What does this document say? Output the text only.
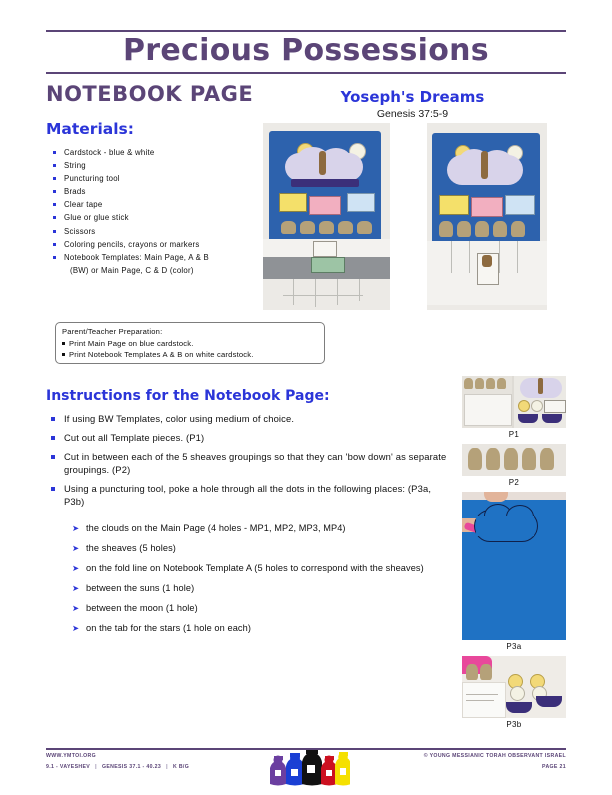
Precious Possessions
NOTEBOOK PAGE	Yoseph's Dreams
Genesis 37:5-9
Materials:
Cardstock - blue & white
String
Puncturing tool
Brads
Clear tape
Glue or glue stick
Scissors
Coloring pencils, crayons or markers
Notebook Templates: Main Page, A & B
(BW) or Main Page, C & D (color)
Parent/Teacher Preparation:
Print Main Page on blue cardstock.
Print Notebook Templates A & B on white cardstock.
Instructions for the Notebook Page:
If using BW Templates, color using medium of choice.
Cut out all Template pieces. (P1)
Cut in between each of the 5 sheaves groupings so that they can 'bow down' as separate groupings. (P2)
Using a puncturing tool, poke a hole through all the dots in the following places: (P3a, P3b)
➤ the clouds on the Main Page (4 holes - MP1, MP2, MP3, MP4)
➤ the sheaves (5 holes)
➤ on the fold line on Notebook Template A (5 holes to correspond with the sheaves)
➤ between the suns (1 hole)
➤ between the moon (1 hole)
➤ on the tab for the stars (1 hole on each)
P1
P2
P3a
P3b
WWW.YMTOI.ORG
9.1 - VAYESHEV | GENESIS 37.1 - 40.23 | K B/G
© YOUNG MESSIANIC TORAH OBSERVANT ISRAEL
PAGE 21
